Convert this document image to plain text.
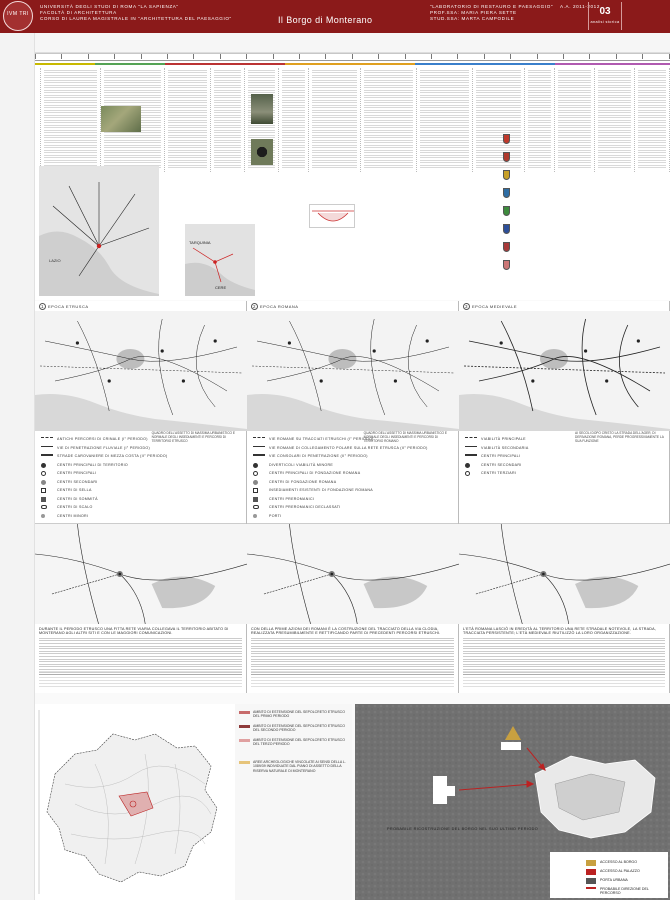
IVM TRI
UNIVERSITÀ DEGLI STUDI DI ROMA "LA SAPIENZA"
FACOLTÀ DI ARCHITETTURA
CORSO DI LAUREA MAGISTRALE IN "ARCHITETTURA DEL PAESAGGIO"	Il Borgo di Monterano
"LABORATORIO DI RESTAURO E PAESAGGIO"
PROF.SSA: MARIA PIERA SETTE
STUD.SSA: MARTA CAMPODILE
A.A. 2011-2012 03
analisi storica
LAZIO
TARQUINIA
CERE
1 EPOCA ETRUSCA
ANTICHI PERCORSI DI CRINALE (I° PERIODO)
VIE DI PENETRAZIONE FLUVIALE (I° PERIODO)
STRADE CAROVANIERE DI MEZZA COSTA (II° PERIODO)
CENTRI PRINCIPALI DI TERRITORIO
CENTRI PRINCIPALI
CENTRI SECONDARI
CENTRI DI SELLA
CENTRI DI SOMMITÀ
CENTRI DI SCALO
CENTRI MINORI
QUADRO DELL'ASSETTO DI MASSIMA URBANISTICO E NORMALE DEGLI INSEDIAMENTI E PERCORSI DI TERRITORIO ETRUSCO
DURANTE IL PERIODO ETRUSCO UNA FITTA RETE VIARIA COLLEGAVA IL TERRITORIO ABITATO DI MONTERANO AGLI ALTRI SITI E CON LE MAGGIORI COMUNICAZIONI.
2 EPOCA ROMANA
VIE ROMANE SU TRACCIATI ETRUSCHI (I° PERIODO)
VIE ROMANE DI COLLEGAMENTO POLARE SULLA RETE ETRUSCA (II° PERIODO)
VIE CONSOLARI DI PENETRAZIONE (II° PERIODO)
DIVERTICOLI VIABILITÀ MINORE
CENTRI PRINCIPALI DI FONDAZIONE ROMANA
CENTRI DI FONDAZIONE ROMANA
INSEDIAMENTI ESISTENTI DI FONDAZIONE ROMANA
CENTRI PREROMANICI
CENTRI PREROMANICI DECLASSATI
PORTI
QUADRO DELL'ASSETTO DI MASSIMA URBANISTICO E NORMALE DEGLI INSEDIAMENTI E PERCORSI DI TERRITORIO ROMANO
CON DELLA PRIME AZIONI DEI ROMANI È LA COSTRUZIONE DEL TRACCIATO DELLA VIA CLODIA, REALIZZATA PRESUMIBILMENTE E RETTIFICANDO PARTE DI PRECEDENTI PERCORSI ETRUSCHI.
3 EPOCA MEDIEVALE
VIABILITÀ PRINCIPALE
VIABILITÀ SECONDARIA
CENTRI PRINCIPALI
CENTRI SECONDARI
CENTRI TERZIARI
AI SECOLI DOPO CRISTO LA STRADA DELL'AGER, DI DERIVAZIONE ROMANA, PERDE PROGRESSIVAMENTE LA SUA FUNZIONE
L'ETÀ ROMANA LASCIÒ IN EREDITÀ AL TERRITORIO UNA RETE STRADALE NOTEVOLE, LA STRADA, TRACCIATA PERSISTENTE; L'ETÀ MEDIEVALE RIUTILIZZÒ LA LORO ORGANIZZAZIONE.
AMBITO DI ESTENSIONE DEL SEPOLCRETO ETRUSCO DEL PRIMO PERIODO
AMBITO DI ESTENSIONE DEL SEPOLCRETO ETRUSCO DEL SECONDO PERIODO
AMBITO DI ESTENSIONE DEL SEPOLCRETO ETRUSCO DEL TERZO PERIODO
AREE ARCHEOLOGICHE VINCOLATE AI SENSI DELLA L. 1089/39 INDIVIDUATE DAL PIANO DI ASSETTO DELLA RISERVA NATURALE DI MONTERANO
PROBABILE RICOSTRUZIONE DEL BORGO NEL SUO ULTIMO PERIODO
ACCESSO AL BORGO
ACCESSO AL PALAZZO
PORTA URBANA
PROBABILE DIREZIONE DEL PERCORSO
